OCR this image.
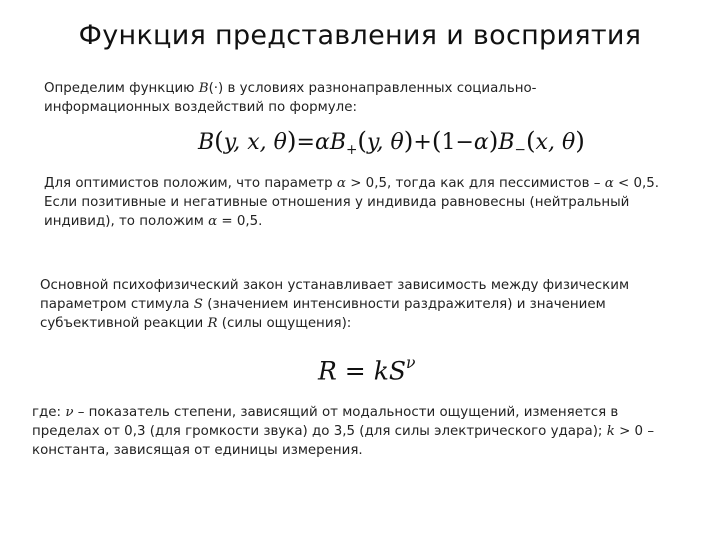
Функция представления и восприятия
Определим функцию B(·) в условиях разнонаправленных социально-
информационных воздействий по формуле:
B(y, x, $\theta)=\alpha B_+(y$, $\theta)+(1-\alpha)B_-(x$, θ)
Для оптимистов положим, что параметр α > 0,5, тогда как для пессимистов – α < 0,5.
Если позитивные и негативные отношения у индивида равновесны (нейтральный
индивид), то положим α = 0,5.
Основной психофизический закон устанавливает зависимость между физическим
параметром стимула S (значением интенсивности раздражителя) и значением
субъективной реакции R (силы ощущения):
$R = kS^\nu$
где: ν – показатель степени, зависящий от модальности ощущений, изменяется в
пределах от 0,3 (для громкости звука) до 3,5 (для силы электрического удара); k > 0 –
константа, зависящая от единицы измерения.
